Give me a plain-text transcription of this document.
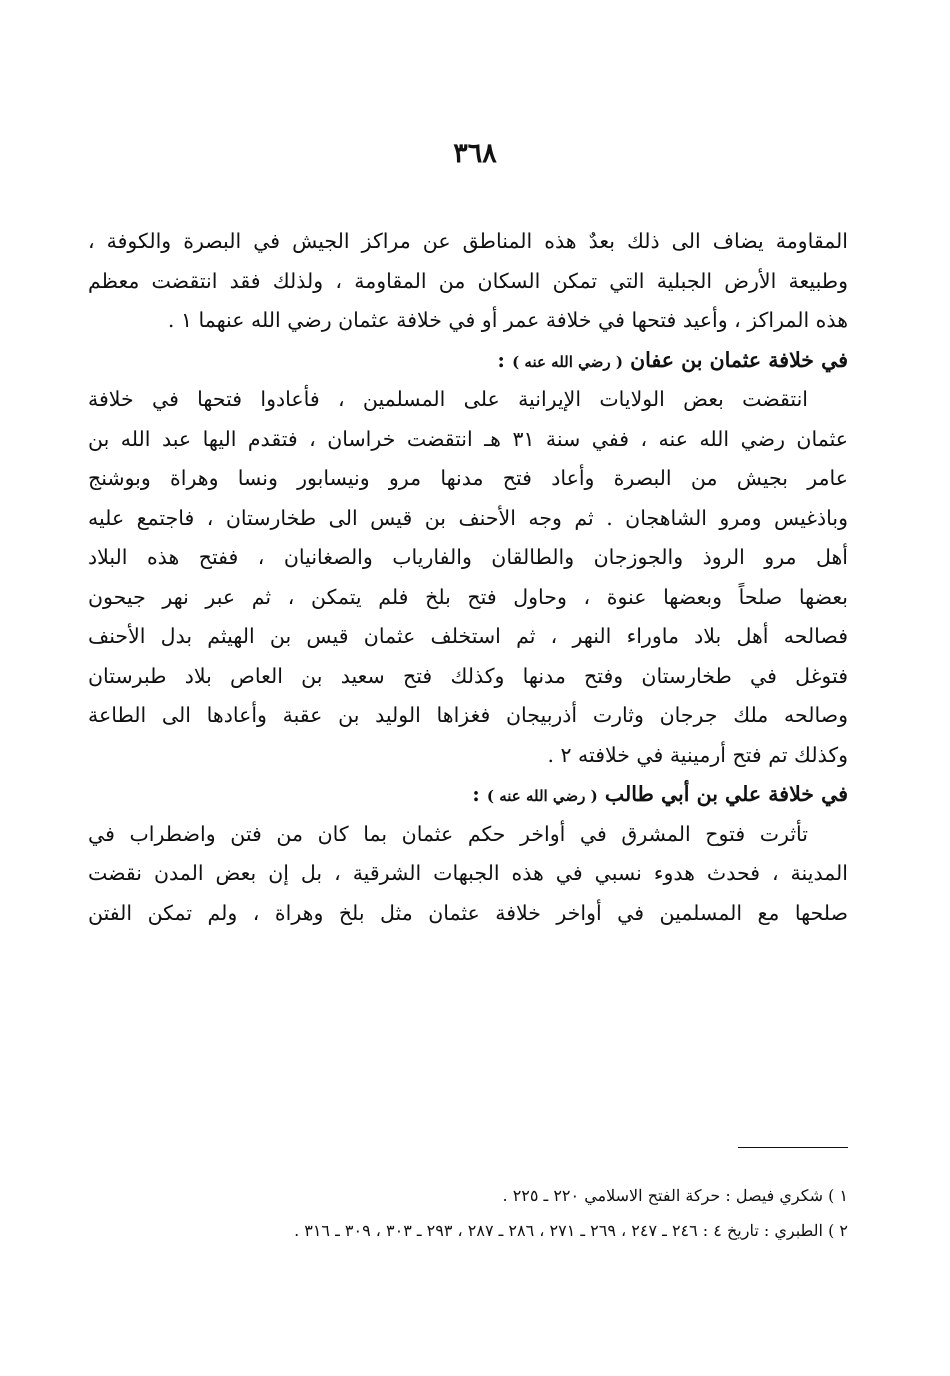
٣٦٨
المقاومة يضاف الى ذلك بعدٌ هذه المناطق عن مراكز الجيش في البصرة والكوفة ،
وطبيعة الأرض الجبلية التي تمكن السكان من المقاومة ، ولذلك فقد انتقضت معظم
هذه المراكز ، وأعيد فتحها في خلافة عمر أو في خلافة عثمان رضي الله عنهما ١ .
في خلافة عثمان بن عفان ( رضي الله عنه ) :
انتقضت بعض الولايات الإيرانية على المسلمين ، فأعادوا فتحها في خلافة
عثمان رضي الله عنه ، ففي سنة ٣١ هـ انتقضت خراسان ، فتقدم اليها عبد الله بن
عامر بجيش من البصرة وأعاد فتح مدنها مرو ونيسابور ونسا وهراة وبوشنج
وباذغيس ومرو الشاهجان . ثم وجه الأحنف بن قيس الى طخارستان ، فاجتمع عليه
أهل مرو الروذ والجوزجان والطالقان والفارياب والصغانيان ، ففتح هذه البلاد
بعضها صلحاً وبعضها عنوة ، وحاول فتح بلخ فلم يتمكن ، ثم عبر نهر جيحون
فصالحه أهل بلاد ماوراء النهر ، ثم استخلف عثمان قيس بن الهيثم بدل الأحنف
فتوغل في طخارستان وفتح مدنها وكذلك فتح سعيد بن العاص بلاد طبرستان
وصالحه ملك جرجان وثارت أذربيجان فغزاها الوليد بن عقبة وأعادها الى الطاعة
وكذلك تم فتح أرمينية في خلافته ٢ .
في خلافة علي بن أبي طالب ( رضي الله عنه ) :
تأثرت فتوح المشرق في أواخر حكم عثمان بما كان من فتن واضطراب في
المدينة ، فحدث هدوء نسبي في هذه الجبهات الشرقية ، بل إن بعض المدن نقضت
صلحها مع المسلمين في أواخر خلافة عثمان مثل بلخ وهراة ، ولم تمكن الفتن
١ ) شكري فيصل : حركة الفتح الاسلامي ٢٢٠ ـ ٢٢٥ .
٢ ) الطبري : تاريخ ٤ : ٢٤٦ ـ ٢٤٧ ، ٢٦٩ ـ ٢٧١ ، ٢٨٦ ـ ٢٨٧ ، ٢٩٣ ـ ٣٠٣ ، ٣٠٩ ـ ٣١٦ .
